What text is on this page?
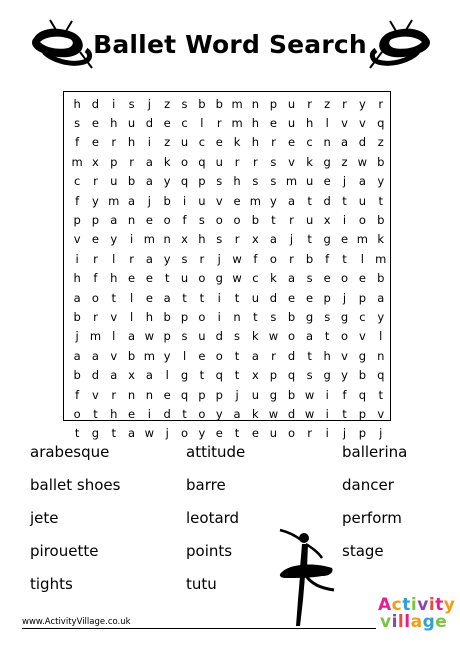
Ballet Word Search
h	d	i	s	j	z	s	b	b	m	n	p	u	r	z	r	y	r
s	e	h	u	d	e	c	l	r	m	h	e	u	h	l	v	v	q
f	e	r	h	i	z	u	c	e	k	h	r	e	c	n	a	d	z
m	x	p	r	a	k	o	q	u	r	r	s	v	k	g	z	w	b
c	r	u	b	a	y	q	p	s	h	s	s	m	u	e	j	a	y
f	y	m	a	j	b	i	u	v	e	m	y	a	t	d	t	u	t
p	p	a	n	e	o	f	s	o	o	b	t	r	u	x	i	o	b
v	e	y	i	m	n	x	h	s	r	x	a	j	t	g	e	m	k
i	r	l	r	a	y	s	r	j	w	f	o	r	b	f	t	l	m
h	f	h	e	e	t	u	o	g	w	c	k	a	s	e	o	e	b
a	o	t	l	e	a	t	t	i	t	u	d	e	e	p	j	p	a
b	r	v	l	h	b	p	o	i	n	t	s	b	g	s	g	c	y
j	m	l	a	w	p	s	u	d	s	k	w	o	a	t	o	v	l
a	a	v	b	m	y	l	e	o	t	a	r	d	t	h	v	g	n
b	d	a	x	a	l	g	t	q	t	x	p	q	s	g	y	b	q
f	v	r	n	n	e	q	p	p	j	u	g	b	w	i	f	q	t
o	t	h	e	i	d	t	o	y	a	k	w	d	w	i	t	p	v
t	g	t	a	w	j	o	y	e	t	e	u	o	r	i	j	p	j
arabesque	attitude	ballerina
ballet shoes	barre	dancer
jete	leotard	perform
pirouette	points	stage
tights	tutu
www.ActivityVillage.co.uk
Activity
village
